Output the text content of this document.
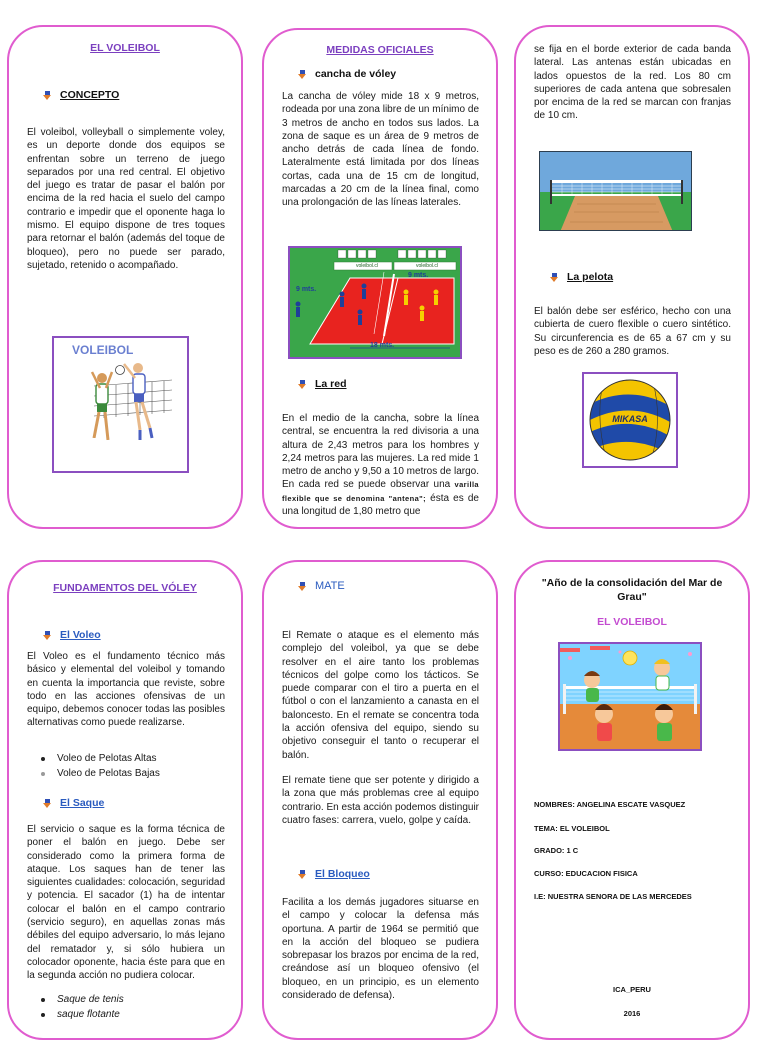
EL VOLEIBOL
CONCEPTO
El voleibol, volleyball o simplemente voley, es un deporte donde dos equipos se enfrentan sobre un terreno de juego separados por una red central. El objetivo del juego es tratar de pasar el balón por encima de la red hacia el suelo del campo contrario e impedir que el oponente haga lo mismo. El equipo dispone de tres toques para retornar el balón (además del toque de bloqueo), pero no puede ser parado, sujetado, retenido o acompañado.
VOLEIBOL
MEDIDAS OFICIALES
cancha de vóley
La cancha de vóley mide 18 x 9 metros, rodeada por una zona libre de un mínimo de 3 metros de ancho en todos sus lados. La zona de saque es un área de 9 metros de ancho detrás de cada línea de fondo. Lateralmente está limitada por dos líneas cortas, cada una de 15 cm de longitud, marcadas a 20 cm de la línea final, como una prolongación de las líneas laterales.
voleibol.cl	voleibol.cl
9 mts.
9 mts.
18 mts.
La red
En el medio de la cancha, sobre la línea central, se encuentra la red divisoria a una altura de 2,43 metros para los hombres y 2,24 metros para las mujeres. La red mide 1 metro de ancho y 9,50 a 10 metros de largo. En cada red se puede observar una varilla flexible que se denomina "antena"; ésta es de una longitud de 1,80 metro que
se fija en el borde exterior de cada banda lateral. Las antenas están ubicadas en lados opuestos de la red. Los 80 cm superiores de cada antena que sobresalen por encima de la red se marcan con franjas de 10 cm.
La pelota
El balón debe ser esférico, hecho con una cubierta de cuero flexible o cuero sintético. Su circunferencia es de 65 a 67 cm y su peso es de 260 a 280 gramos.
MIKASA
FUNDAMENTOS DEL VÓLEY
El Voleo
El Voleo es el fundamento técnico más básico y elemental del voleibol y tomando en cuenta la importancia que reviste, sobre todo en las acciones ofensivas de un equipo, debemos conocer todas las posibles alternativas como puede realizarse.
Voleo de Pelotas Altas
Voleo de Pelotas Bajas
El Saque
El servicio o saque es la forma técnica de poner el balón en juego. Debe ser considerado como la primera forma de ataque. Los saques han de tener las siguientes cualidades: colocación, seguridad y potencia. El sacador (1) ha de intentar colocar el balón en el campo contrario (servicio seguro), en aquellas zonas más débiles del equipo adversario, lo más lejano del rematador y, si sólo hubiera un colocador oponente, hacia éste para que en la segunda acción no pudiera colocar.
Saque de tenis
saque flotante
MATE
El Remate o ataque es el elemento más complejo del voleibol, ya que se debe resolver en el aire tanto los problemas técnicos del golpe como los tácticos. Se puede comparar con el tiro a puerta en el fútbol o con el lanzamiento a canasta en el baloncesto. En el remate se concentra toda la acción ofensiva del equipo, siendo su objetivo conseguir el tanto o recuperar el balón.
El remate tiene que ser potente y dirigido a la zona que más problemas cree al equipo contrario. En esta acción podemos distinguir cuatro fases: carrera, vuelo, golpe y caída.
El Bloqueo
Facilita a los demás jugadores situarse en el campo y colocar la defensa más oportuna. A partir de 1964 se permitió que en la acción del bloqueo se pudiera sobrepasar los brazos por encima de la red, creándose así un bloqueo ofensivo (el bloqueo, en un principio, es un elemento considerado de defensa).
"Año de la consolidación del Mar de Grau"
EL VOLEIBOL
NOMBRES: ANGELINA ESCATE VASQUEZ
TEMA: EL VOLEIBOL
GRADO: 1 C
CURSO: EDUCACION FISICA
I.E: NUESTRA SENORA DE LAS MERCEDES
ICA_PERU
2016
